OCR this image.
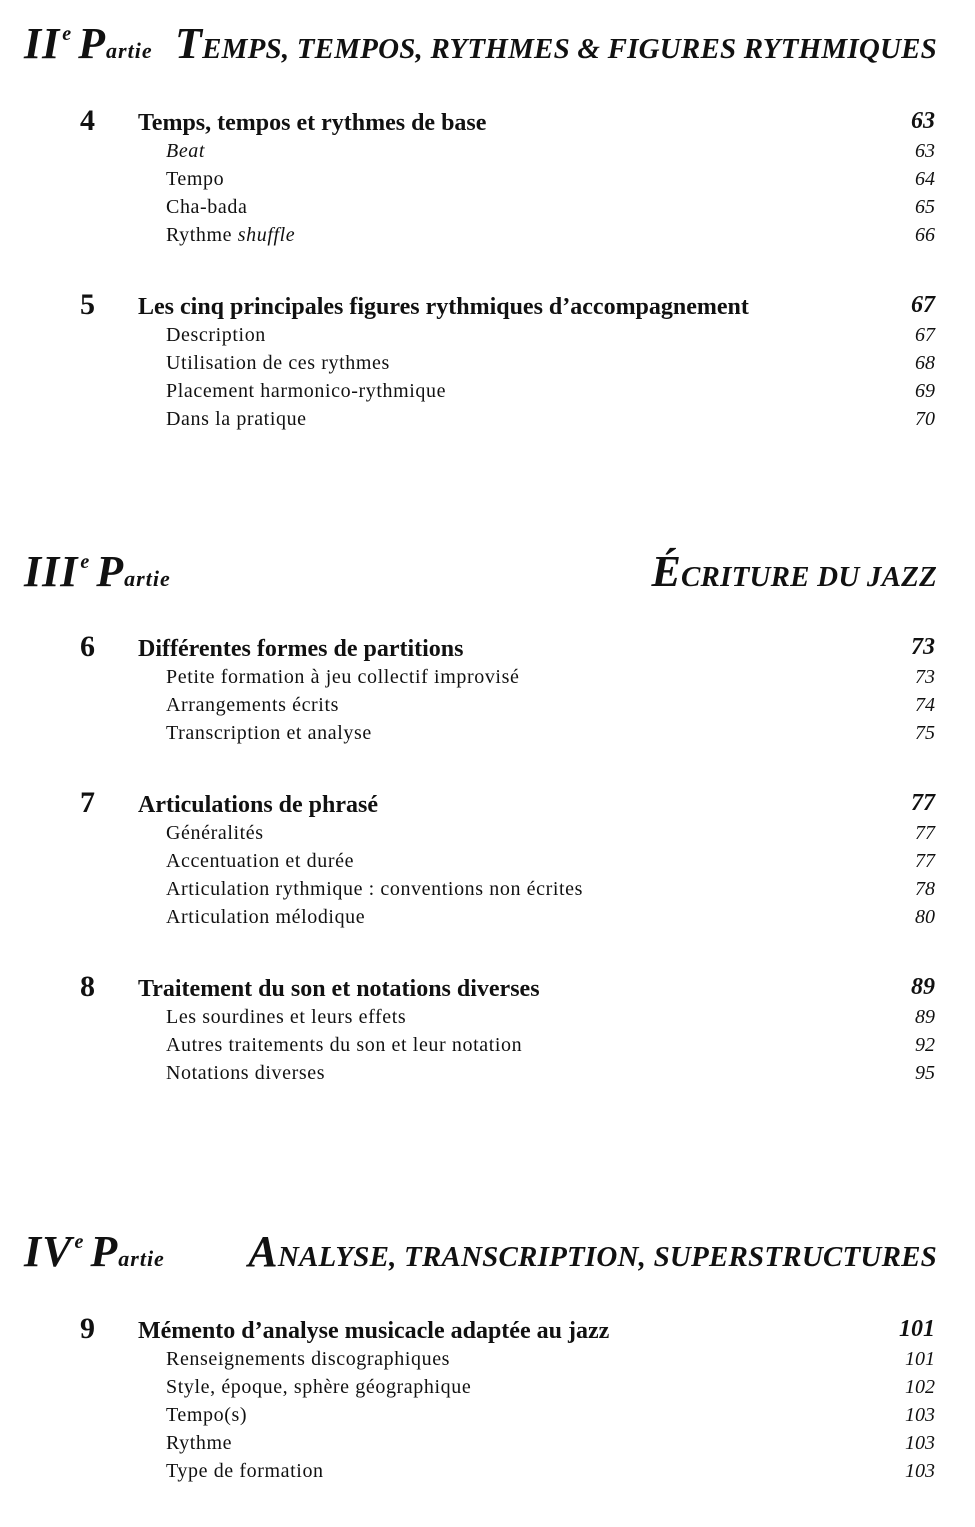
II $^e$ Partie TEMPS, TEMPOS, RYTHMES & FIGURES RYTHMIQUES
4 Temps, tempos et rythmes de base	63
Beat	63
Tempo	64
Cha-bada	65
Rythme shuffle	66
5 Les cinq principales figures rythmiques d’accompagnement	67
Description	67
Utilisation de ces rythmes	68
Placement harmonico-rythmique	69
Dans la pratique	70
III $^e$ Partie	ÉCRITURE DU JAZZ
6 Différentes formes de partitions	73
Petite formation à jeu collectif improvisé	73
Arrangements écrits	74
Transcription et analyse	75
7 Articulations de phrasé	77
Généralités	77
Accentuation et durée	77
Articulation rythmique : conventions non écrites	78
Articulation mélodique	80
8 Traitement du son et notations diverses	89
Les sourdines et leurs effets	89
Autres traitements du son et leur notation	92
Notations diverses	95
IV $^e$ Partie ANALYSE, TRANSCRIPTION, SUPERSTRUCTURES
9 Mémento d’analyse musicacle adaptée au jazz	101
Renseignements discographiques	101
Style, époque, sphère géographique	102
Tempo(s)	103
Rythme	103
Type de formation	103
